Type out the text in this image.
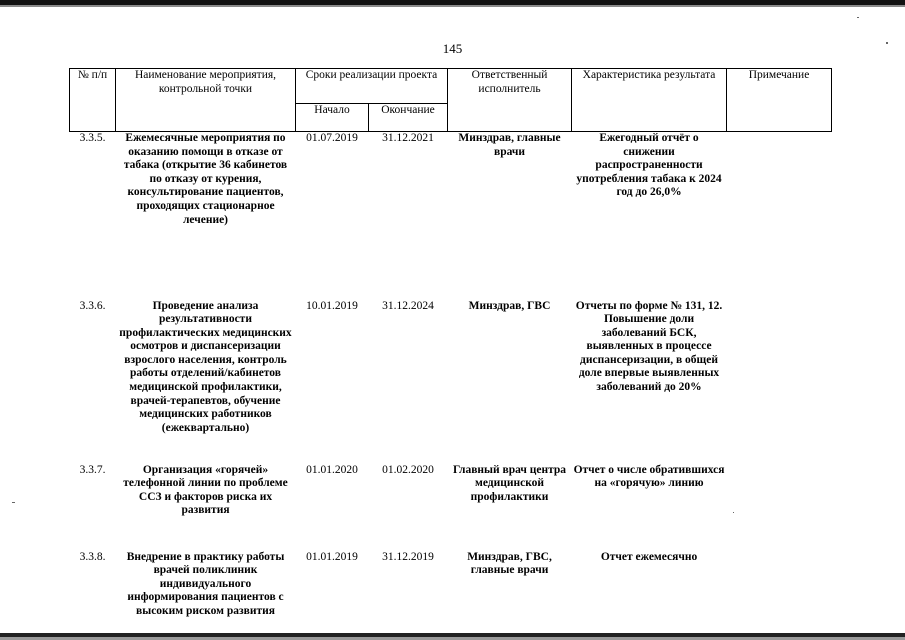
145
№ п/п	Наименование мероприятия, контрольной точки	Сроки реализации проекта		Ответственный исполнитель	Характеристика результата	Примечание
		Начало	Окончание			
3.3.5.	Ежемесячные мероприятия по оказанию помощи в отказе от табака (открытие 36 кабинетов по отказу от курения, консультирование пациентов, проходящих стационарное лечение)	01.07.2019	31.12.2021	Минздрав, главные врачи	Ежегодный отчёт о снижении распространенности употребления табака к 2024 год до 26,0%	
3.3.6.	Проведение анализа результативности профилактических медицинских осмотров и диспансеризации взрослого населения, контроль работы отделений/кабинетов медицинской профилактики, врачей-терапевтов, обучение медицинских работников (ежеквартально)	10.01.2019	31.12.2024	Минздрав, ГВС	Отчеты по форме № 131, 12. Повышение доли заболеваний БСК, выявленных в процессе диспансеризации, в общей доле впервые выявленных заболеваний до 20%	
3.3.7.	Организация «горячей» телефонной линии по проблеме ССЗ и факторов риска их развития	01.01.2020	01.02.2020	Главный врач центра медицинской профилактики	Отчет о числе обратившихся на «горячую» линию	
3.3.8.	Внедрение в практику работы врачей поликлиник индивидуального информирования пациентов с высоким риском развития	01.01.2019	31.12.2019	Минздрав, ГВС, главные врачи	Отчет ежемесячно	
